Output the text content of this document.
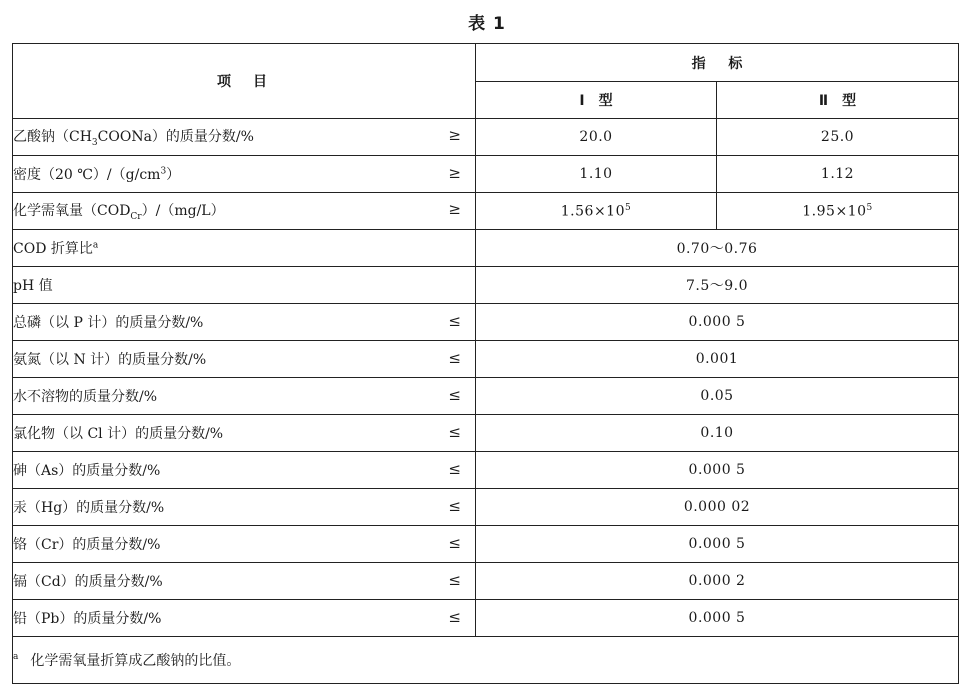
表 1
项　目	指 标	
	Ⅰ　型	Ⅱ　型
乙酸钠$(CH_3COONa)$的质量分数/% ≥	20.0	25.0
密度（20 $℃)/(g/cm^3)$ ≥	1.10	1.12
化学需氧量$(COD_{Cr})/(mg/L)$ ≥	$1.56\times 10^5$	$1.95\times 10^5$
COD 折算比$^a$	0.70～0.76	
pH 值	7.5～9.0	
总磷（以 P 计）的质量分数/% ≤	0.000 5	
氨氮（以 N 计）的质量分数/% ≤	0.001	
水不溶物的质量分数/% ≤	0.05	
氯化物（以 Cl 计）的质量分数/% ≤	0.10	
砷（As）的质量分数/% ≤	0.000 5	
汞（Hg）的质量分数/% ≤	0.000 02	
铬（Cr）的质量分数/% ≤	0.000 5	
镉（Cd）的质量分数/% ≤	0.000 2	
铅（Pb）的质量分数/% ≤	0.000 5	
$^a$ 化学需氧量折算成乙酸钠的比值。		
